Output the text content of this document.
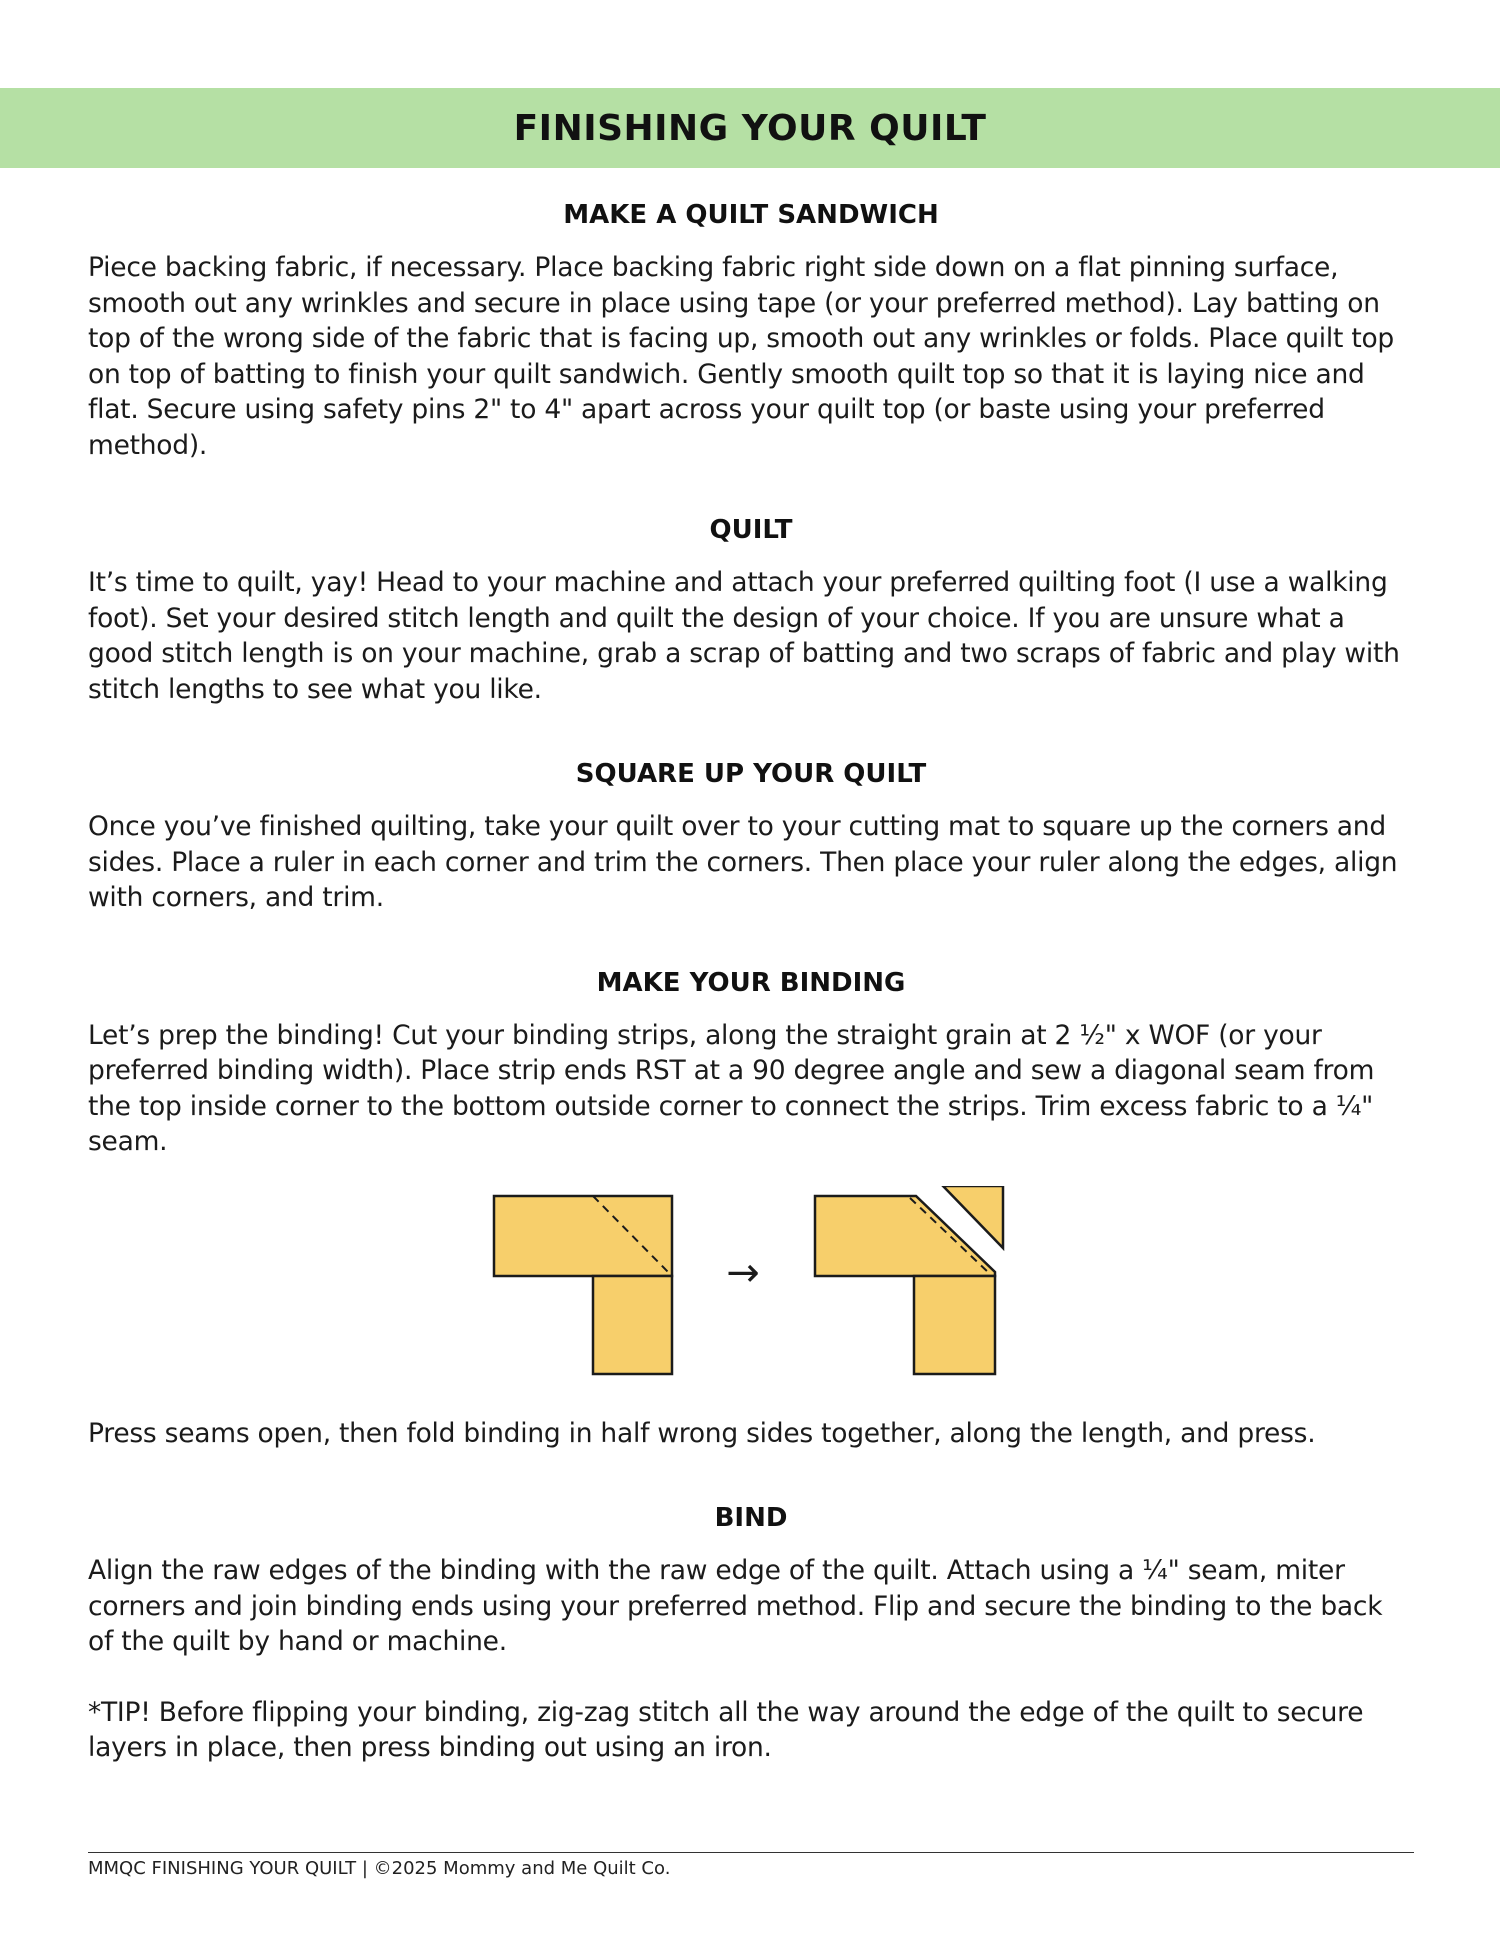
FINISHING YOUR QUILT
MAKE A QUILT SANDWICH

Piece backing fabric, if necessary. Place backing fabric right side down on a flat pinning surface, smooth out any wrinkles and secure in place using tape (or your preferred method). Lay batting on top of the wrong side of the fabric that is facing up, smooth out any wrinkles or folds. Place quilt top on top of batting to finish your quilt sandwich. Gently smooth quilt top so that it is laying nice and flat. Secure using safety pins 2" to 4" apart across your quilt top (or baste using your preferred method).

QUILT

It’s time to quilt, yay! Head to your machine and attach your preferred quilting foot (I use a walking foot). Set your desired stitch length and quilt the design of your choice. If you are unsure what a good stitch length is on your machine, grab a scrap of batting and two scraps of fabric and play with stitch lengths to see what you like.

SQUARE UP YOUR QUILT

Once you’ve finished quilting, take your quilt over to your cutting mat to square up the corners and sides. Place a ruler in each corner and trim the corners. Then place your ruler along the edges, align with corners, and trim.

MAKE YOUR BINDING

Let’s prep the binding! Cut your binding strips, along the straight grain at 2 ½" x WOF (or your preferred binding width). Place strip ends RST at a 90 degree angle and sew a diagonal seam from the top inside corner to the bottom outside corner to connect the strips. Trim excess fabric to a ¼" seam.

→

Press seams open, then fold binding in half wrong sides together, along the length, and press.

BIND

Align the raw edges of the binding with the raw edge of the quilt. Attach using a ¼" seam, miter corners and join binding ends using your preferred method. Flip and secure the binding to the back of the quilt by hand or machine.

*TIP! Before flipping your binding, zig-zag stitch all the way around the edge of the quilt to secure layers in place, then press binding out using an iron.

MMQC FINISHING YOUR QUILT | ©2025 Mommy and Me Quilt Co.
